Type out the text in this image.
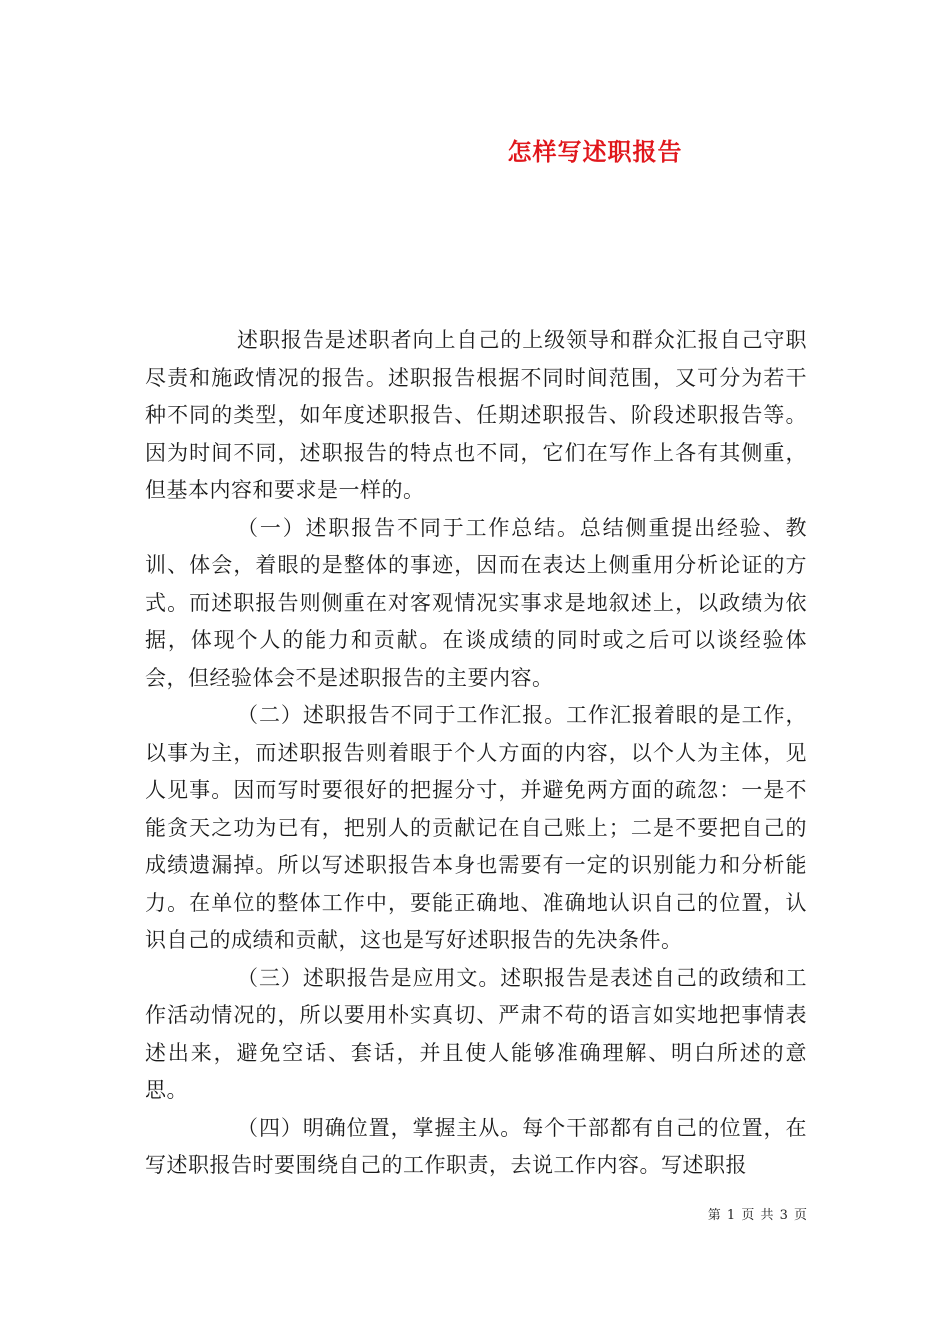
怎样写述职报告

述职报告是述职者向上自己的上级领导和群众汇报自己守职尽责和施政情况的报告。述职报告根据不同时间范围，又可分为若干种不同的类型，如年度述职报告、任期述职报告、阶段述职报告等。因为时间不同，述职报告的特点也不同，它们在写作上各有其侧重，但基本内容和要求是一样的。

（一）述职报告不同于工作总结。总结侧重提出经验、教训、体会，着眼的是整体的事迹，因而在表达上侧重用分析论证的方式。而述职报告则侧重在对客观情况实事求是地叙述上，以政绩为依据，体现个人的能力和贡献。在谈成绩的同时或之后可以谈经验体会，但经验体会不是述职报告的主要内容。

（二）述职报告不同于工作汇报。工作汇报着眼的是工作，以事为主，而述职报告则着眼于个人方面的内容，以个人为主体，见人见事。因而写时要很好的把握分寸，并避免两方面的疏忽：一是不能贪天之功为已有，把别人的贡献记在自己账上；二是不要把自己的成绩遗漏掉。所以写述职报告本身也需要有一定的识别能力和分析能力。在单位的整体工作中，要能正确地、准确地认识自己的位置，认识自己的成绩和贡献，这也是写好述职报告的先决条件。

（三）述职报告是应用文。述职报告是表述自己的政绩和工作活动情况的，所以要用朴实真切、严肃不苟的语言如实地把事情表述出来，避免空话、套话，并且使人能够准确理解、明白所述的意思。

（四）明确位置，掌握主从。每个干部都有自己的位置，在写述职报告时要围绕自己的工作职责，去说工作内容。写述职报

第 1 页 共 3 页
